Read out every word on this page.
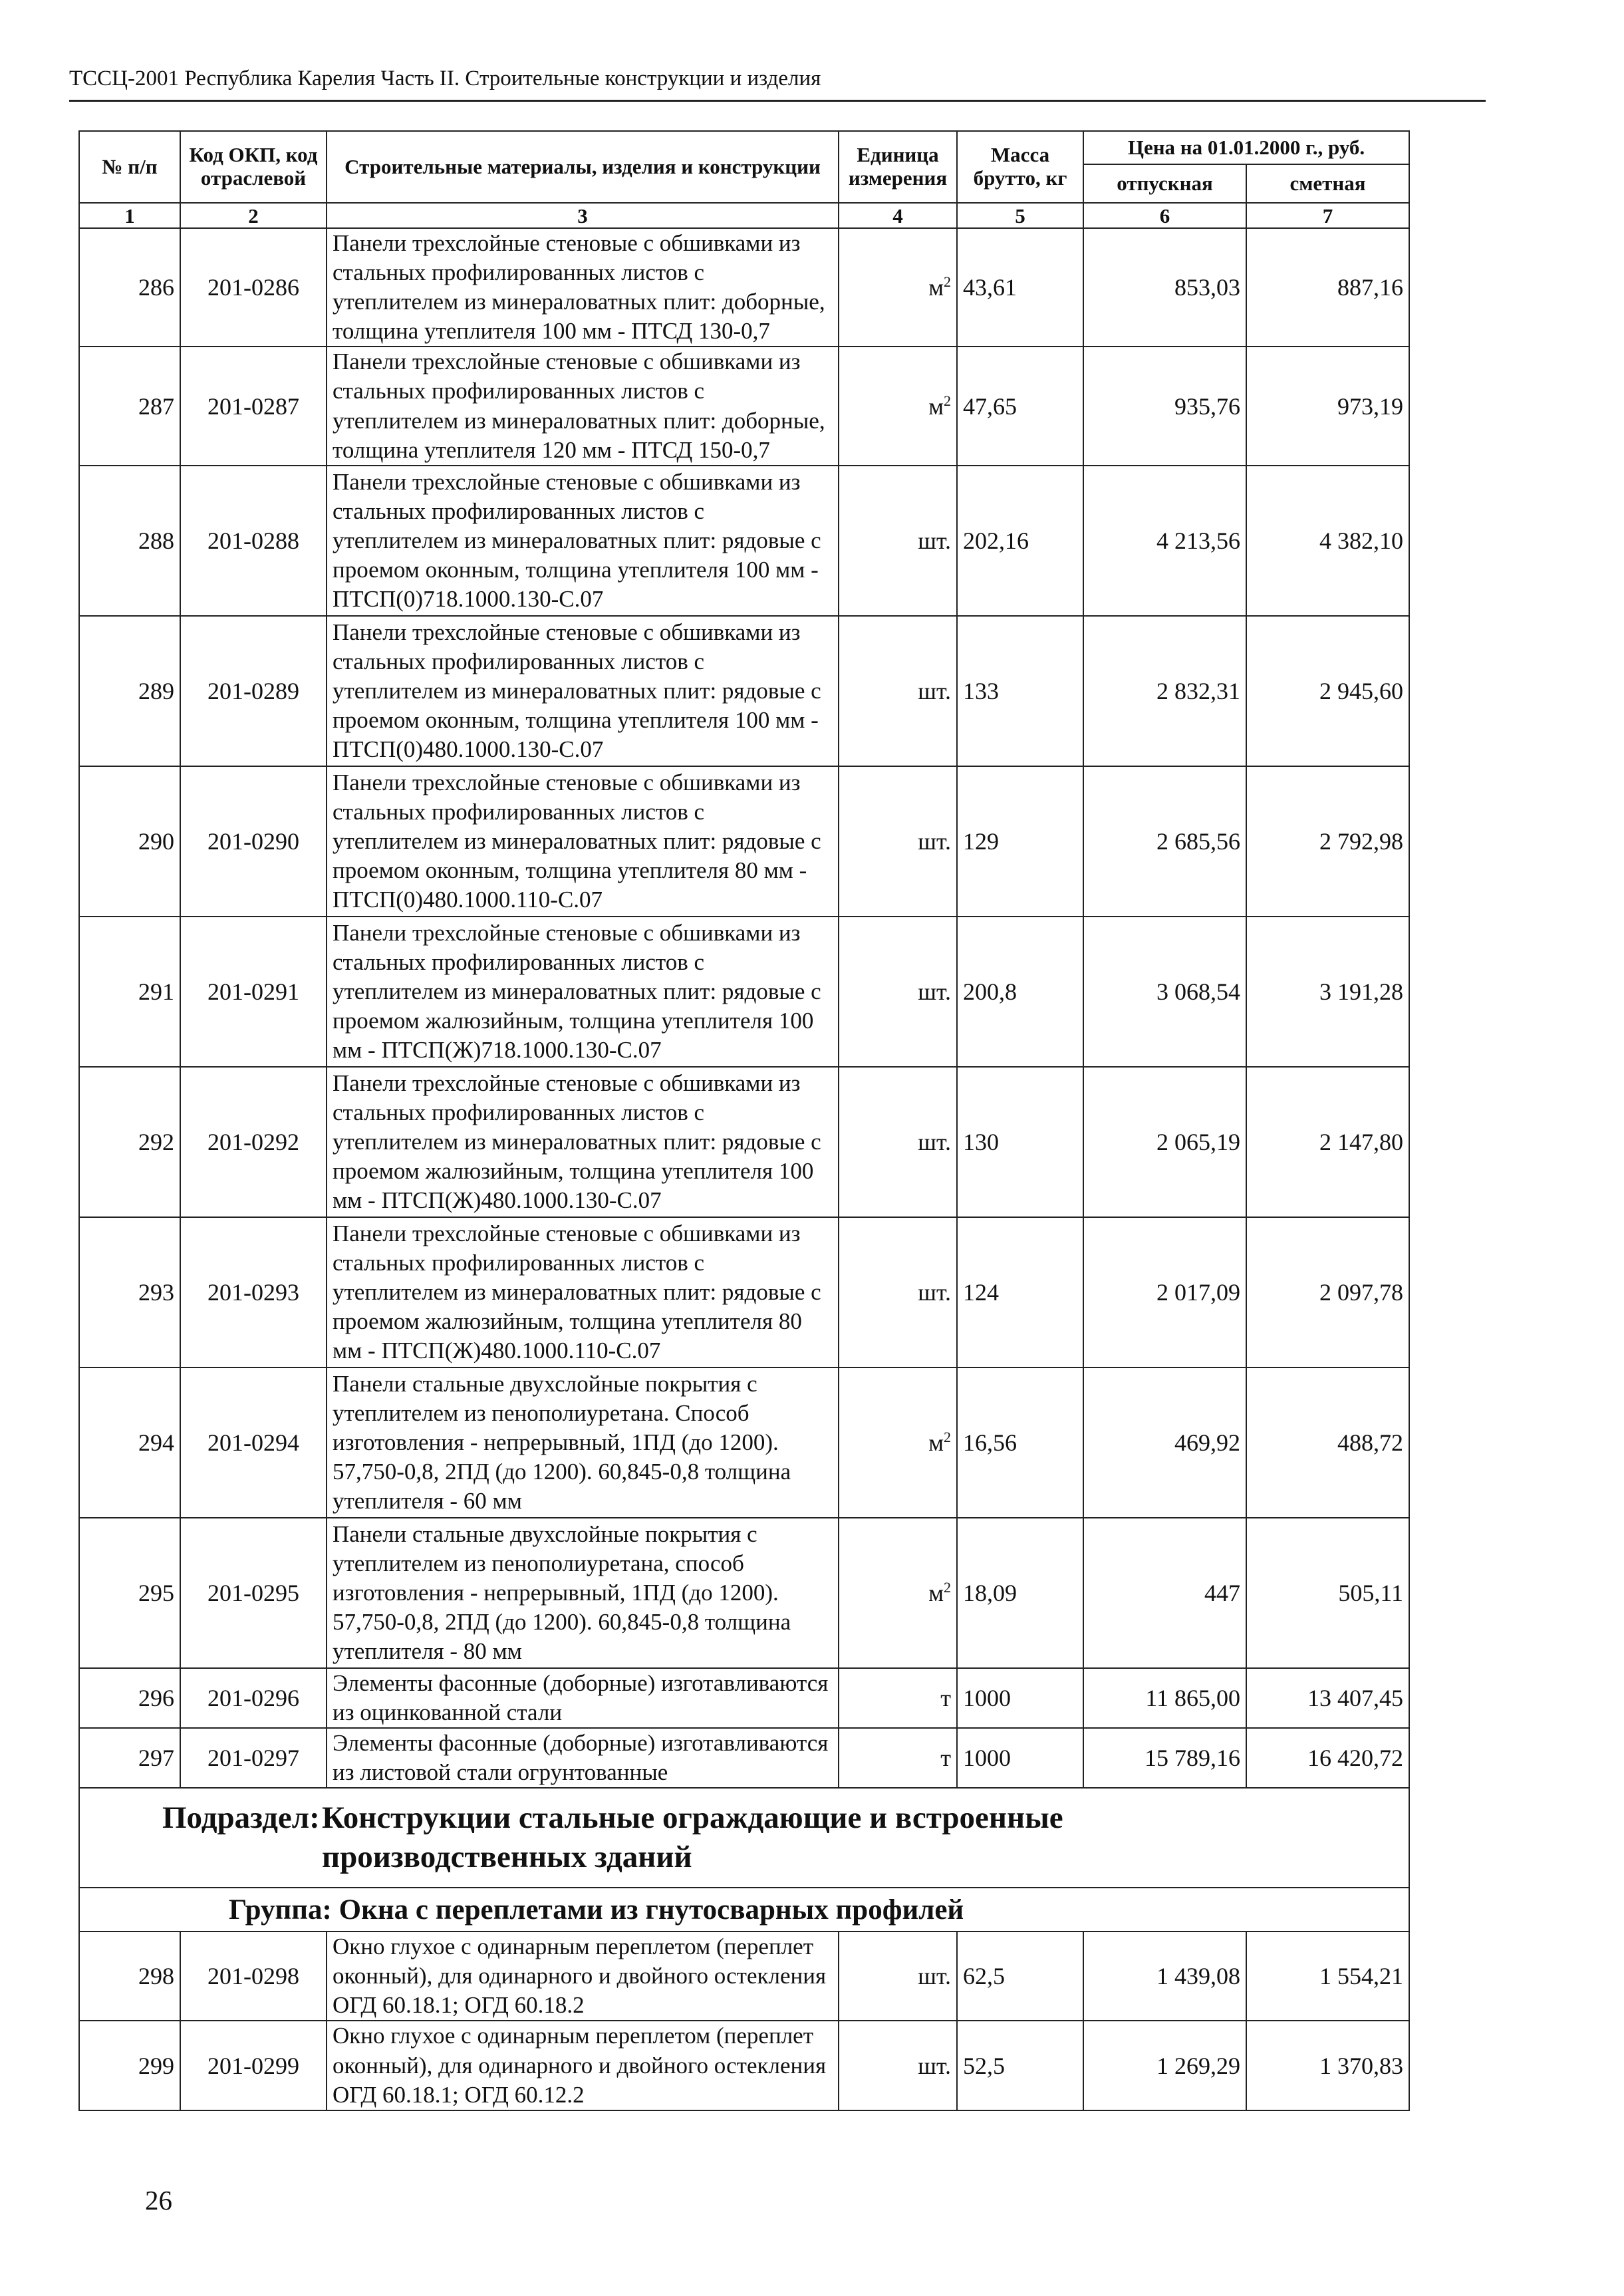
ТССЦ-2001 Республика Карелия Часть II. Строительные конструкции и изделия
№ п/п	Код ОКП, код отраслевой	Строительные материалы, изделия и конструкции	Единица измерения	Масса брутто, кг	Цена на 01.01.2000 г., руб.	
					отпускная	сметная
1	2	3	4	5	6	7
286	201-0286	Панели трехслойные стеновые с обшивками из стальных профилированных листов с утеплителем из минераловатных плит: доборные, толщина утеплителя 100 мм - ПТСД 130-0,7	$м^2$	43,61	853,03	887,16
287	201-0287	Панели трехслойные стеновые с обшивками из стальных профилированных листов с утеплителем из минераловатных плит: доборные, толщина утеплителя 120 мм - ПТСД 150-0,7	$м^2$	47,65	935,76	973,19
288	201-0288	Панели трехслойные стеновые с обшивками из стальных профилированных листов с утеплителем из минераловатных плит: рядовые с проемом оконным, толщина утеплителя 100 мм - ПТСП(0)718.1000.130-С.07	шт.	202,16	4 213,56	4 382,10
289	201-0289	Панели трехслойные стеновые с обшивками из стальных профилированных листов с утеплителем из минераловатных плит: рядовые с проемом оконным, толщина утеплителя 100 мм - ПТСП(0)480.1000.130-С.07	шт.	133	2 832,31	2 945,60
290	201-0290	Панели трехслойные стеновые с обшивками из стальных профилированных листов с утеплителем из минераловатных плит: рядовые с проемом оконным, толщина утеплителя 80 мм - ПТСП(0)480.1000.110-С.07	шт.	129	2 685,56	2 792,98
291	201-0291	Панели трехслойные стеновые с обшивками из стальных профилированных листов с утеплителем из минераловатных плит: рядовые с проемом жалюзийным, толщина утеплителя 100 мм - ПТСП(Ж)718.1000.130-С.07	шт.	200,8	3 068,54	3 191,28
292	201-0292	Панели трехслойные стеновые с обшивками из стальных профилированных листов с утеплителем из минераловатных плит: рядовые с проемом жалюзийным, толщина утеплителя 100 мм - ПТСП(Ж)480.1000.130-С.07	шт.	130	2 065,19	2 147,80
293	201-0293	Панели трехслойные стеновые с обшивками из стальных профилированных листов с утеплителем из минераловатных плит: рядовые с проемом жалюзийным, толщина утеплителя 80 мм - ПТСП(Ж)480.1000.110-С.07	шт.	124	2 017,09	2 097,78
294	201-0294	Панели стальные двухслойные покрытия с утеплителем из пенополиуретана. Способ изготовления - непрерывный, 1ПД (до 1200). 57,750-0,8, 2ПД (до 1200). 60,845-0,8 толщина утеплителя - 60 мм	$м^2$	16,56	469,92	488,72
295	201-0295	Панели стальные двухслойные покрытия с утеплителем из пенополиуретана, способ изготовления - непрерывный, 1ПД (до 1200). 57,750-0,8, 2ПД (до 1200). 60,845-0,8 толщина утеплителя - 80 мм	$м^2$	18,09	447	505,11
296	201-0296	Элементы фасонные (доборные) изготавливаются из оцинкованной стали	т	1000	11 865,00	13 407,45
297	201-0297	Элементы фасонные (доборные) изготавливаются из листовой стали огрунтованные	т	1000	15 789,16	16 420,72

Подраздел:Конструкции стальные ограждающие и встроенные производственных зданий						

Группа: Окна с переплетами из гнутосварных профилей						
298	201-0298	Окно глухое с одинарным переплетом (переплет оконный), для одинарного и двойного остекления ОГД 60.18.1; ОГД 60.18.2	шт.	62,5	1 439,08	1 554,21
299	201-0299	Окно глухое с одинарным переплетом (переплет оконный), для одинарного и двойного остекления ОГД 60.18.1; ОГД 60.12.2	шт.	52,5	1 269,29	1 370,83
26
